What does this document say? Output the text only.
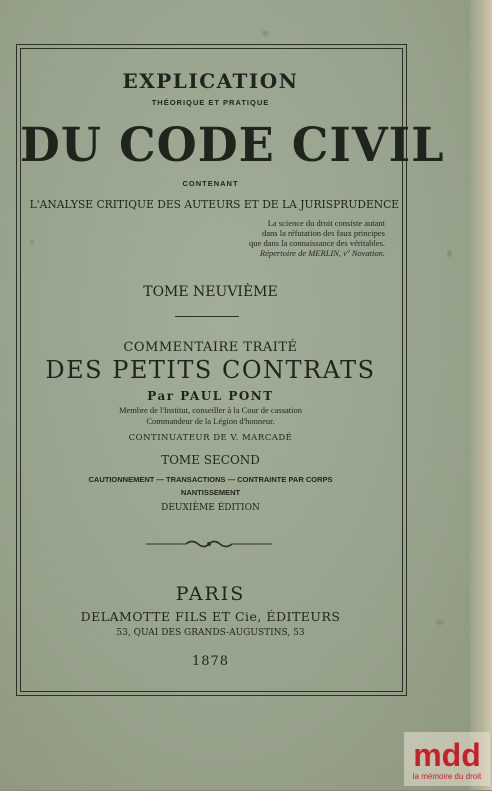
EXPLICATION
THÉORIQUE ET PRATIQUE
DU CODE CIVIL
CONTENANT
L'ANALYSE CRITIQUE DES AUTEURS ET DE LA JURISPRUDENCE
La science du droit consiste autant
dans la réfutation des faux principes
que dans la connaissance des véritables.
Répertoire de MERLIN, vº Novation.
TOME NEUVIÈME
COMMENTAIRE TRAITÉ
DES PETITS CONTRATS
Par PAUL PONT
Membre de l'Institut, conseiller à la Cour de cassation
Commandeur de la Légion d'honneur.
CONTINUATEUR DE V. MARCADÉ
TOME SECOND
CAUTIONNEMENT — TRANSACTIONS — CONTRAINTE PAR CORPS
NANTISSEMENT
DEUXIÈME ÉDITION
PARIS
DELAMOTTE FILS ET Cie, ÉDITEURS
53, QUAI DES GRANDS-AUGUSTINS, 53
1878
mdd
la mémoire du droit
